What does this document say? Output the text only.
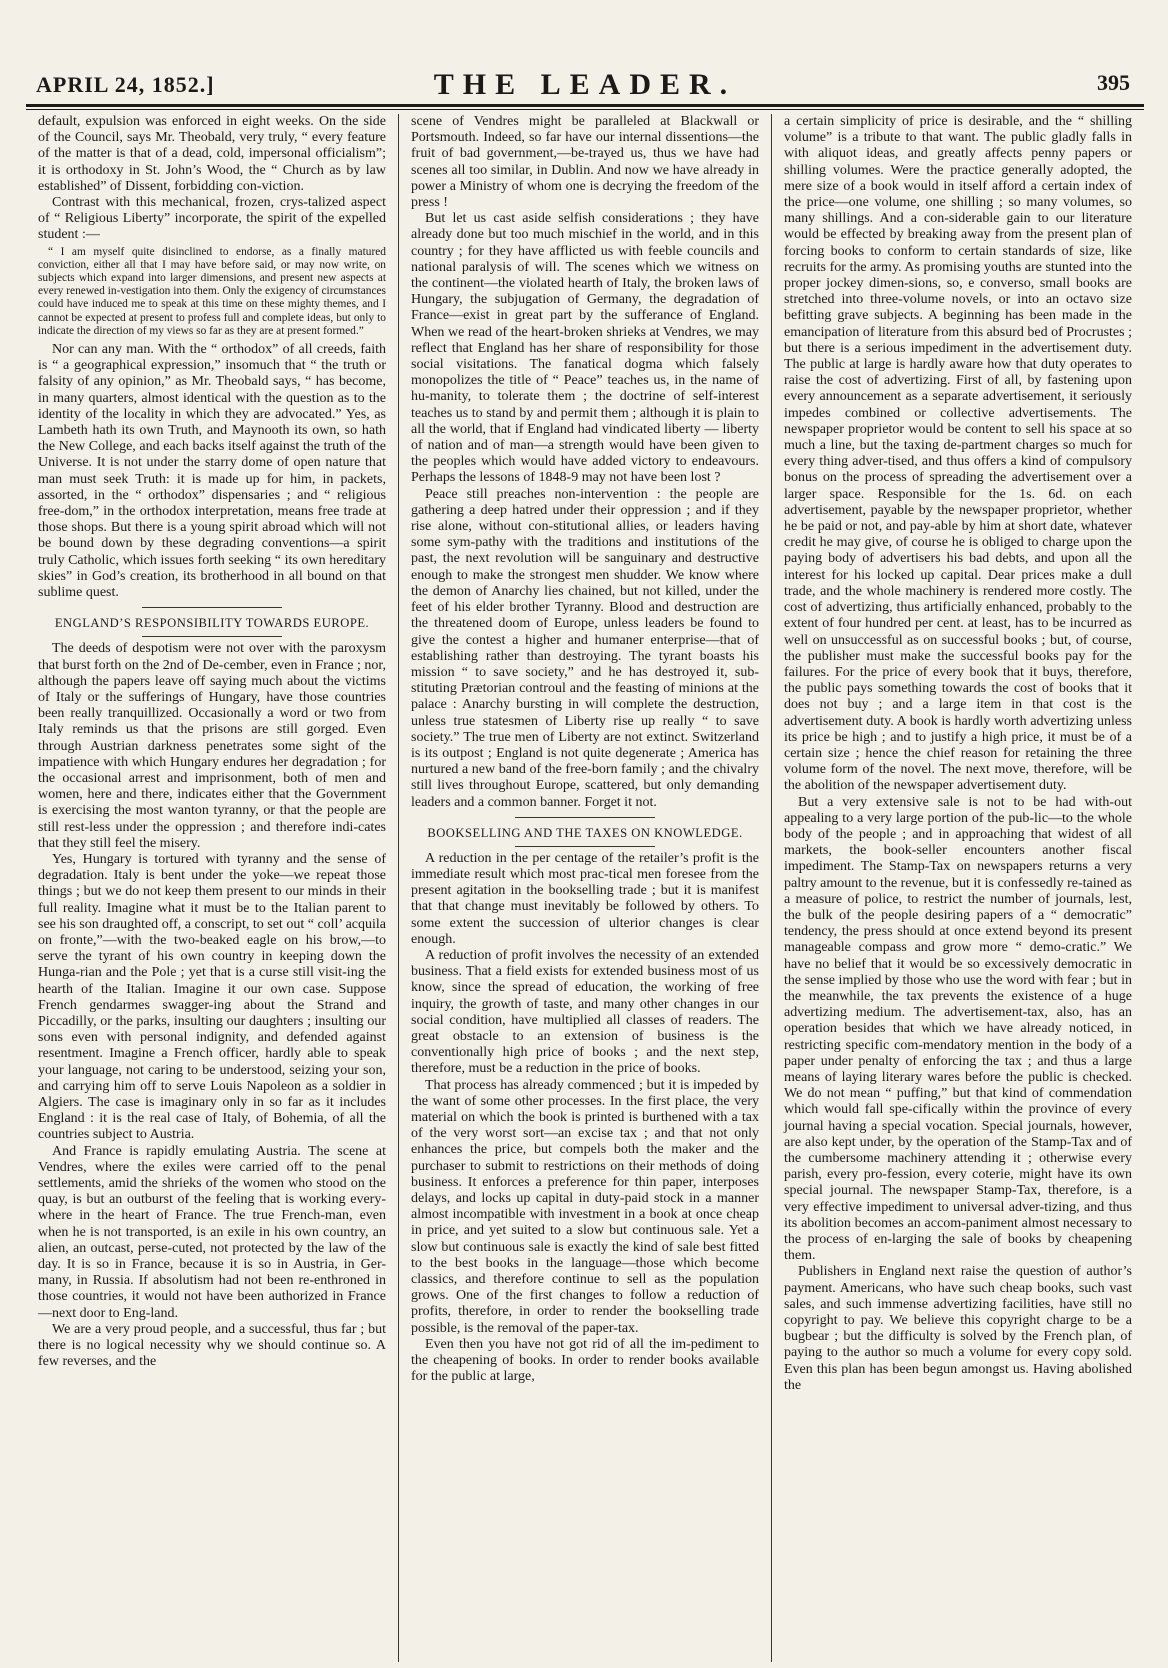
APRIL 24, 1852.]	THE LEADER.	395

default, expulsion was enforced in eight weeks. On the side of the Council, says Mr. Theobald, very truly, “ every feature of the matter is that of a dead, cold, impersonal officialism”; it is orthodoxy in St. John’s Wood, the “ Church as by law established” of Dissent, forbidding con-viction.

Contrast with this mechanical, frozen, crys-talized aspect of “ Religious Liberty” incorporate, the spirit of the expelled student :—

“ I am myself quite disinclined to endorse, as a finally matured conviction, either all that I may have before said, or may now write, on subjects which expand into larger dimensions, and present new aspects at every renewed in-vestigation into them. Only the exigency of circumstances could have induced me to speak at this time on these mighty themes, and I cannot be expected at present to profess full and complete ideas, but only to indicate the direction of my views so far as they are at present formed.”

Nor can any man. With the “ orthodox” of all creeds, faith is “ a geographical expression,” insomuch that “ the truth or falsity of any opinion,” as Mr. Theobald says, “ has become, in many quarters, almost identical with the question as to the identity of the locality in which they are advocated.” Yes, as Lambeth hath its own Truth, and Maynooth its own, so hath the New College, and each backs itself against the truth of the Universe. It is not under the starry dome of open nature that man must seek Truth: it is made up for him, in packets, assorted, in the “ orthodox” dispensaries ; and “ religious free-dom,” in the orthodox interpretation, means free trade at those shops. But there is a young spirit abroad which will not be bound down by these degrading conventions—a spirit truly Catholic, which issues forth seeking “ its own hereditary skies” in God’s creation, its brotherhood in all bound on that sublime quest.

ENGLAND’S RESPONSIBILITY TOWARDS EUROPE.

The deeds of despotism were not over with the paroxysm that burst forth on the 2nd of De-cember, even in France ; nor, although the papers leave off saying much about the victims of Italy or the sufferings of Hungary, have those countries been really tranquillized. Occasionally a word or two from Italy reminds us that the prisons are still gorged. Even through Austrian darkness penetrates some sight of the impatience with which Hungary endures her degradation ; for the occasional arrest and imprisonment, both of men and women, here and there, indicates either that the Government is exercising the most wanton tyranny, or that the people are still rest-less under the oppression ; and therefore indi-cates that they still feel the misery.

Yes, Hungary is tortured with tyranny and the sense of degradation. Italy is bent under the yoke—we repeat those things ; but we do not keep them present to our minds in their full reality. Imagine what it must be to the Italian parent to see his son draughted off, a conscript, to set out “ coll’ acquila on fronte,”—with the two-beaked eagle on his brow,—to serve the tyrant of his own country in keeping down the Hunga-rian and the Pole ; yet that is a curse still visit-ing the hearth of the Italian. Imagine it our own case. Suppose French gendarmes swagger-ing about the Strand and Piccadilly, or the parks, insulting our daughters ; insulting our sons even with personal indignity, and defended against resentment. Imagine a French officer, hardly able to speak your language, not caring to be understood, seizing your son, and carrying him off to serve Louis Napoleon as a soldier in Algiers. The case is imaginary only in so far as it includes England : it is the real case of Italy, of Bohemia, of all the countries subject to Austria.

And France is rapidly emulating Austria. The scene at Vendres, where the exiles were carried off to the penal settlements, amid the shrieks of the women who stood on the quay, is but an outburst of the feeling that is working every-where in the heart of France. The true French-man, even when he is not transported, is an exile in his own country, an alien, an outcast, perse-cuted, not protected by the law of the day. It is so in France, because it is so in Austria, in Ger-many, in Russia. If absolutism had not been re-enthroned in those countries, it would not have been authorized in France—next door to Eng-land.

We are a very proud people, and a successful, thus far ; but there is no logical necessity why we should continue so. A few reverses, and the

scene of Vendres might be paralleled at Blackwall or Portsmouth. Indeed, so far have our internal dissentions—the fruit of bad government,—be-trayed us, thus we have had scenes all too similar, in Dublin. And now we have already in power a Ministry of whom one is decrying the freedom of the press !

But let us cast aside selfish considerations ; they have already done but too much mischief in the world, and in this country ; for they have afflicted us with feeble councils and national paralysis of will. The scenes which we witness on the continent—the violated hearth of Italy, the broken laws of Hungary, the subjugation of Germany, the degradation of France—exist in great part by the sufferance of England. When we read of the heart-broken shrieks at Vendres, we may reflect that England has her share of responsibility for those social visitations. The fanatical dogma which falsely monopolizes the title of “ Peace” teaches us, in the name of hu-manity, to tolerate them ; the doctrine of self-interest teaches us to stand by and permit them ; although it is plain to all the world, that if England had vindicated liberty — liberty of nation and of man—a strength would have been given to the peoples which would have added victory to endeavours. Perhaps the lessons of 1848-9 may not have been lost ?

Peace still preaches non-intervention : the people are gathering a deep hatred under their oppression ; and if they rise alone, without con-stitutional allies, or leaders having some sym-pathy with the traditions and institutions of the past, the next revolution will be sanguinary and destructive enough to make the strongest men shudder. We know where the demon of Anarchy lies chained, but not killed, under the feet of his elder brother Tyranny. Blood and destruction are the threatened doom of Europe, unless leaders be found to give the contest a higher and humaner enterprise—that of establishing rather than destroying. The tyrant boasts his mission “ to save society,” and he has destroyed it, sub-stituting Prætorian controul and the feasting of minions at the palace : Anarchy bursting in will complete the destruction, unless true statesmen of Liberty rise up really “ to save society.” The true men of Liberty are not extinct. Switzerland is its outpost ; England is not quite degenerate ; America has nurtured a new band of the free-born family ; and the chivalry still lives throughout Europe, scattered, but only demanding leaders and a common banner. Forget it not.

BOOKSELLING AND THE TAXES ON KNOWLEDGE.

A reduction in the per centage of the retailer’s profit is the immediate result which most prac-tical men foresee from the present agitation in the bookselling trade ; but it is manifest that that change must inevitably be followed by others. To some extent the succession of ulterior changes is clear enough.

A reduction of profit involves the necessity of an extended business. That a field exists for extended business most of us know, since the spread of education, the working of free inquiry, the growth of taste, and many other changes in our social condition, have multiplied all classes of readers. The great obstacle to an extension of business is the conventionally high price of books ; and the next step, therefore, must be a reduction in the price of books.

That process has already commenced ; but it is impeded by the want of some other processes. In the first place, the very material on which the book is printed is burthened with a tax of the very worst sort—an excise tax ; and that not only enhances the price, but compels both the maker and the purchaser to submit to restrictions on their methods of doing business. It enforces a preference for thin paper, interposes delays, and locks up capital in duty-paid stock in a manner almost incompatible with investment in a book at once cheap in price, and yet suited to a slow but continuous sale. Yet a slow but continuous sale is exactly the kind of sale best fitted to the best books in the language—those which become classics, and therefore continue to sell as the population grows. One of the first changes to follow a reduction of profits, therefore, in order to render the bookselling trade possible, is the removal of the paper-tax.

Even then you have not got rid of all the im-pediment to the cheapening of books. In order to render books available for the public at large,

a certain simplicity of price is desirable, and the “ shilling volume” is a tribute to that want. The public gladly falls in with aliquot ideas, and greatly affects penny papers or shilling volumes. Were the practice generally adopted, the mere size of a book would in itself afford a certain index of the price—one volume, one shilling ; so many volumes, so many shillings. And a con-siderable gain to our literature would be effected by breaking away from the present plan of forcing books to conform to certain standards of size, like recruits for the army. As promising youths are stunted into the proper jockey dimen-sions, so, e converso, small books are stretched into three-volume novels, or into an octavo size befitting grave subjects. A beginning has been made in the emancipation of literature from this absurd bed of Procrustes ; but there is a serious impediment in the advertisement duty. The public at large is hardly aware how that duty operates to raise the cost of advertizing. First of all, by fastening upon every announcement as a separate advertisement, it seriously impedes combined or collective advertisements. The newspaper proprietor would be content to sell his space at so much a line, but the taxing de-partment charges so much for every thing adver-tised, and thus offers a kind of compulsory bonus on the process of spreading the advertisement over a larger space. Responsible for the 1s. 6d. on each advertisement, payable by the newspaper proprietor, whether he be paid or not, and pay-able by him at short date, whatever credit he may give, of course he is obliged to charge upon the paying body of advertisers his bad debts, and upon all the interest for his locked up capital. Dear prices make a dull trade, and the whole machinery is rendered more costly. The cost of advertizing, thus artificially enhanced, probably to the extent of four hundred per cent. at least, has to be incurred as well on unsuccessful as on successful books ; but, of course, the publisher must make the successful books pay for the failures. For the price of every book that it buys, therefore, the public pays something towards the cost of books that it does not buy ; and a large item in that cost is the advertisement duty. A book is hardly worth advertizing unless its price be high ; and to justify a high price, it must be of a certain size ; hence the chief reason for retaining the three volume form of the novel. The next move, therefore, will be the abolition of the newspaper advertisement duty.

But a very extensive sale is not to be had with-out appealing to a very large portion of the pub-lic—to the whole body of the people ; and in approaching that widest of all markets, the book-seller encounters another fiscal impediment. The Stamp-Tax on newspapers returns a very paltry amount to the revenue, but it is confessedly re-tained as a measure of police, to restrict the number of journals, lest, the bulk of the people desiring papers of a “ democratic” tendency, the press should at once extend beyond its present manageable compass and grow more “ demo-cratic.” We have no belief that it would be so excessively democratic in the sense implied by those who use the word with fear ; but in the meanwhile, the tax prevents the existence of a huge advertizing medium. The advertisement-tax, also, has an operation besides that which we have already noticed, in restricting specific com-mendatory mention in the body of a paper under penalty of enforcing the tax ; and thus a large means of laying literary wares before the public is checked. We do not mean “ puffing,” but that kind of commendation which would fall spe-cifically within the province of every journal having a special vocation. Special journals, however, are also kept under, by the operation of the Stamp-Tax and of the cumbersome machinery attending it ; otherwise every parish, every pro-fession, every coterie, might have its own special journal. The newspaper Stamp-Tax, therefore, is a very effective impediment to universal adver-tizing, and thus its abolition becomes an accom-paniment almost necessary to the process of en-larging the sale of books by cheapening them.

Publishers in England next raise the question of author’s payment. Americans, who have such cheap books, such vast sales, and such immense advertizing facilities, have still no copyright to pay. We believe this copyright charge to be a bugbear ; but the difficulty is solved by the French plan, of paying to the author so much a volume for every copy sold. Even this plan has been begun amongst us. Having abolished the
